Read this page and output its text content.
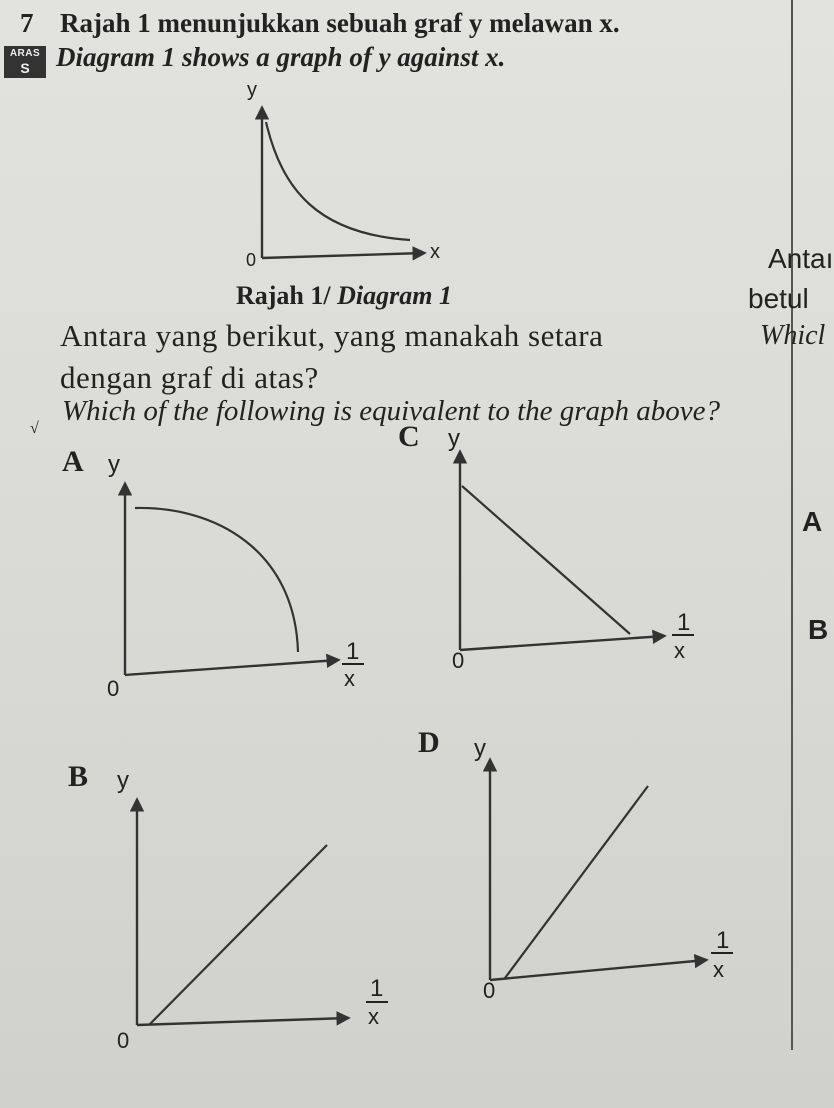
7 Rajah 1 menunjukkan sebuah graf y melawan x.
ARAS
S Diagram 1 shows a graph of y against x.
Rajah 1/ Diagram 1
Antara yang berikut, yang manakah setara
dengan graf di atas?
√
Which of the following is equivalent to the graph above?
A
B
C
D
Antaı
betul
Whicl
A
B
y
x
0
y
0
1
x
y
0
1
x
y
0
1
x
y
0
1
x
